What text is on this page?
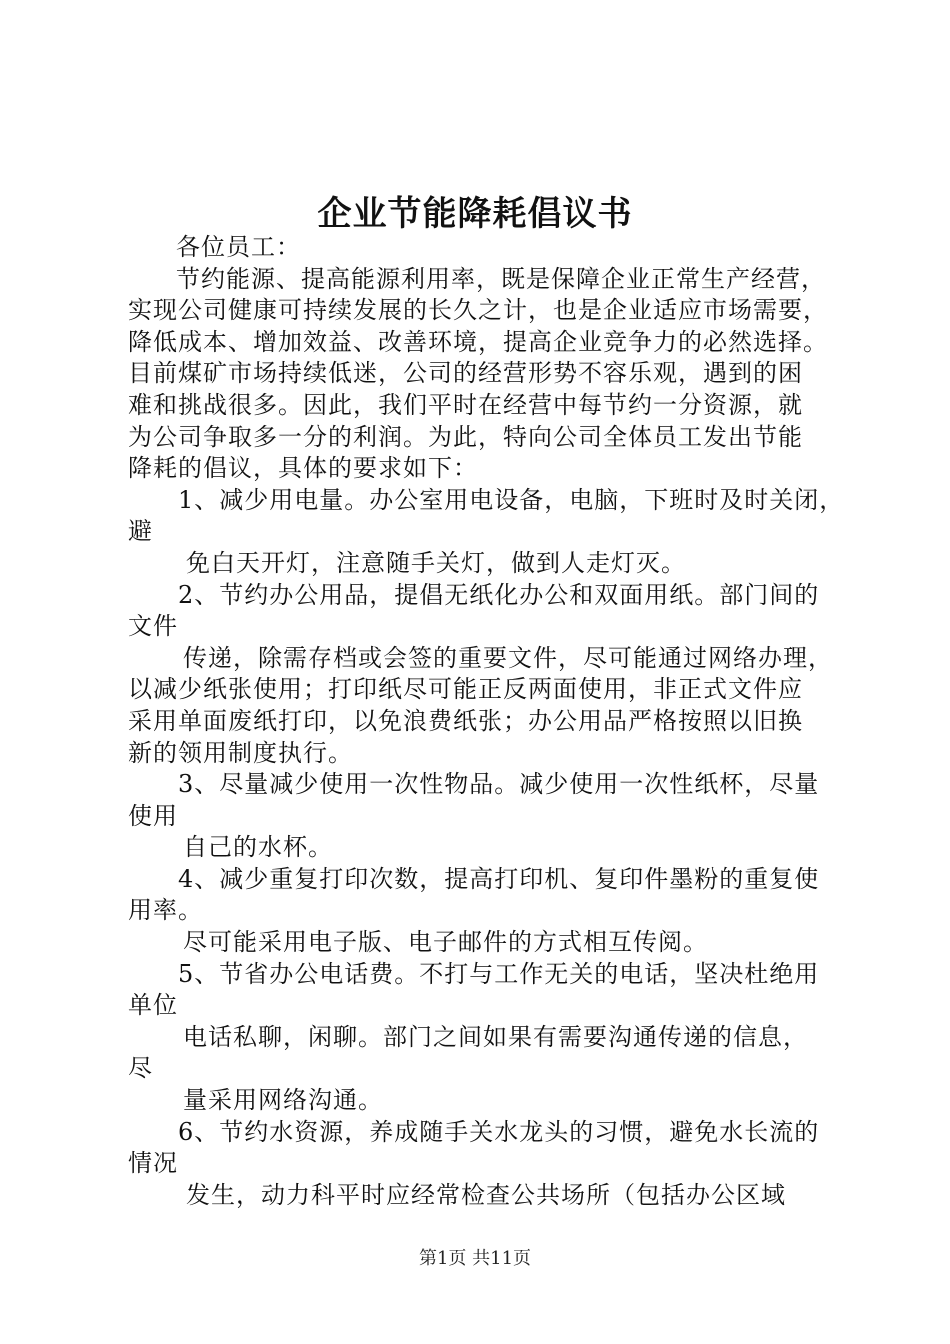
企业节能降耗倡议书
各位员工：
节约能源、提高能源利用率，既是保障企业正常生产经营，
实现公司健康可持续发展的长久之计，也是企业适应市场需要，
降低成本、增加效益、改善环境，提高企业竞争力的必然选择。
目前煤矿市场持续低迷，公司的经营形势不容乐观，遇到的困
难和挑战很多。因此，我们平时在经营中每节约一分资源，就
为公司争取多一分的利润。为此，特向公司全体员工发出节能
降耗的倡议，具体的要求如下：
1、减少用电量。办公室用电设备，电脑，下班时及时关闭，
避
免白天开灯，注意随手关灯，做到人走灯灭。
2、节约办公用品，提倡无纸化办公和双面用纸。部门间的
文件
传递，除需存档或会签的重要文件，尽可能通过网络办理，
以减少纸张使用；打印纸尽可能正反两面使用，非正式文件应
采用单面废纸打印，以免浪费纸张；办公用品严格按照以旧换
新的领用制度执行。
3、尽量减少使用一次性物品。减少使用一次性纸杯，尽量
使用
自己的水杯。
4、减少重复打印次数，提高打印机、复印件墨粉的重复使
用率。
尽可能采用电子版、电子邮件的方式相互传阅。
5、节省办公电话费。不打与工作无关的电话，坚决杜绝用
单位
电话私聊，闲聊。部门之间如果有需要沟通传递的信息，
尽
量采用网络沟通。
6、节约水资源，养成随手关水龙头的习惯，避免水长流的
情况
发生，动力科平时应经常检查公共场所（包括办公区域
第1页 共11页
